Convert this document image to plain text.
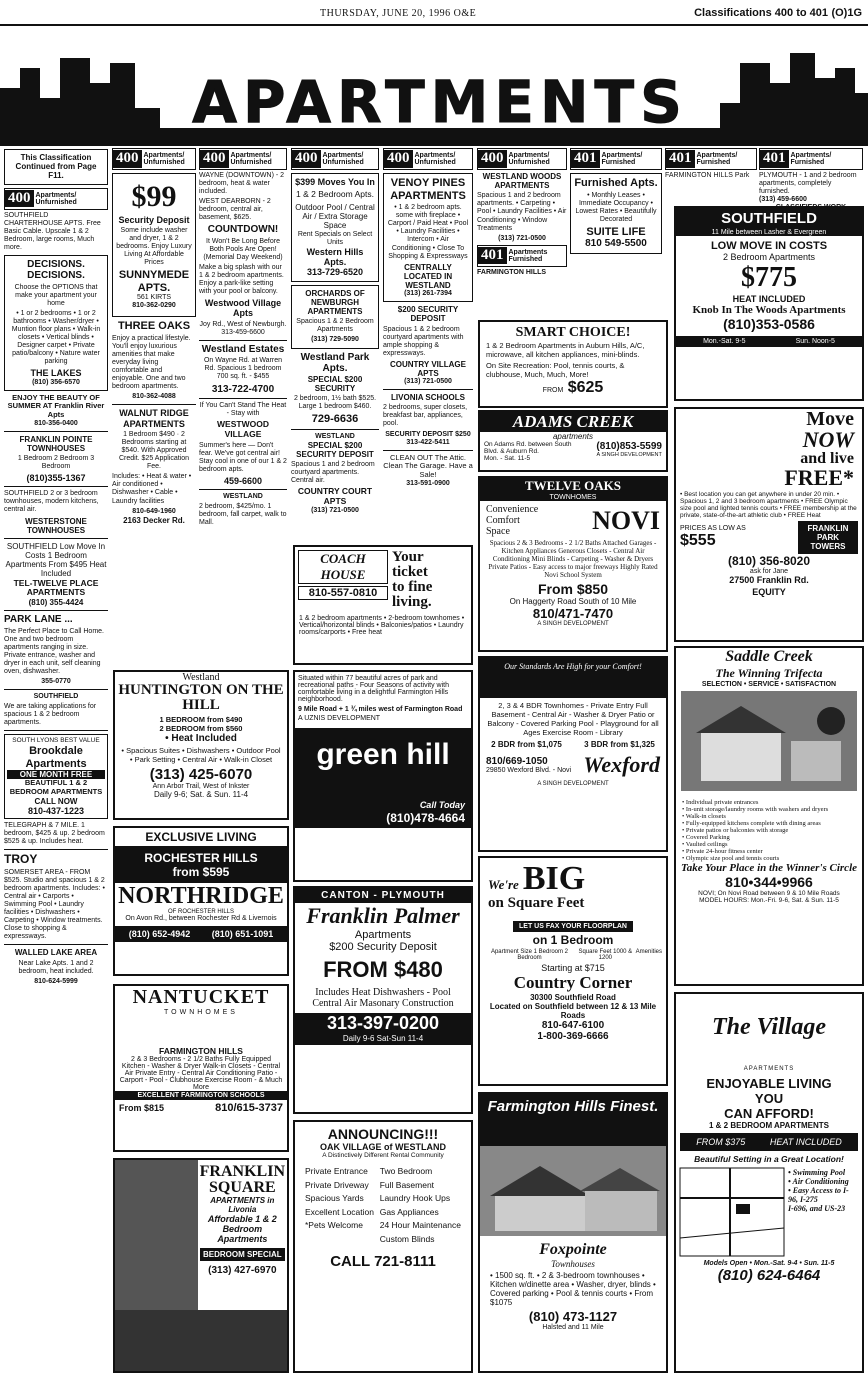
THURSDAY, JUNE 20, 1996 O&E	Classifications 400 to 401 (O)1G
APARTMENTS
This Classification Continued from Page F11.
400 Apartments/ Unfurnished

SOUTHFIELD CHARTERHOUSE APTS. Free Basic Cable. Upscale 1 & 2 Bedroom, large rooms, Much more.

DECISIONS. DECISIONS.

Choose the OPTIONS that make your apartment your home

• 1 or 2 bedrooms • 1 or 2 bathrooms • Washer/dryer • Muntion floor plans • Walk-in closets • Vertical blinds • Designer carpet • Private patio/balcony • Nature water parking

THE LAKES
(810) 356-6570
ENJOY THE BEAUTY OF SUMMER AT Franklin River Apts
810-356-0400
FRANKLIN POINTE TOWNHOUSES

1 Bedroom 2 Bedroom 3 Bedroom

(810)355-1367

SOUTHFIELD 2 or 3 bedroom townhouses, modern kitchens, central air.

WESTERSTONE TOWNHOUSES
SOUTHFIELD Low Move In Costs 1 Bedroom Apartments From $495 Heat Included
TEL-TWELVE PLACE APARTMENTS
(810) 355-4424
PARK LANE ...

The Perfect Place to Call Home. One and two bedroom apartments ranging in size. Private entrance, washer and dryer in each unit, self cleaning oven, dishwasher.

355-0770
SOUTHFIELD

We are taking applications for spacious 1 & 2 bedroom apartments.

SOUTH LYONS BEST VALUE
Brookdale Apartments
ONE MONTH FREE
BEAUTIFUL 1 & 2 BEDROOM APARTMENTS
CALL NOW
810-437-1223

TELEGRAPH & 7 MILE. 1 bedroom, $425 & up. 2 bedroom $525 & up. Includes heat.

TROY

SOMERSET AREA - FROM $525. Studio and spacious 1 & 2 bedroom apartments. Includes: • Central air • Carports • Swimming Pool • Laundry facilities • Dishwashers • Carpeting • Window treatments. Close to shopping & expressways.

WALLED LAKE AREA

Near Lake Apts. 1 and 2 bedroom, heat included.

810-624-5999
400 Apartments/ Unfurnished
$99
Security Deposit

Some include washer and dryer, 1 & 2 bedrooms. Enjoy Luxury Living At Affordable Prices

SUNNYMEDE APTS.
561 KIRTS
810-362-0290
THREE OAKS

Enjoy a practical lifestyle. You'll enjoy luxurious amenities that make everyday living comfortable and enjoyable. One and two bedroom apartments.

810-362-4088
WALNUT RIDGE APARTMENTS

1 Bedroom $490 · 2 Bedrooms starting at $540. With Approved Credit. $25 Application Fee.

Includes: • Heat & water • Air conditioned • Dishwasher • Cable • Laundry facilities

810-649-1960
2163 Decker Rd.
400 Apartments/ Unfurnished

WAYNE (DOWNTOWN) - 2 bedroom, heat & water included.

WEST DEARBORN - 2 bedroom, central air, basement, $625.

COUNTDOWN!

It Won't Be Long Before Both Pools Are Open! (Memorial Day Weekend)

Make a big splash with our 1 & 2 bedroom apartments. Enjoy a park-like setting with your pool or balcony.

Westwood Village Apts

Joy Rd., West of Newburgh. 313-459-6600

Westland Estates

On Wayne Rd. at Warren Rd. Spacious 1 bedroom 700 sq. ft. - $455

313-722-4700

If You Can't Stand The Heat - Stay with

WESTWOOD VILLAGE

Summer's here — Don't fear. We've got central air! Stay cool in one of our 1 & 2 bedroom apts.

459-6600
WESTLAND

2 bedroom, $425/mo. 1 bedroom, fall carpet, walk to Mall.

400 Apartments/ Unfurnished
$399 Moves You In
1 & 2 Bedroom Apts.
Outdoor Pool / Central Air / Extra Storage Space
Rent Specials on Select Units
Western Hills Apts.
313-729-6520
ORCHARDS OF NEWBURGH APARTMENTS

Spacious 1 & 2 Bedroom Apartments

(313) 729-5090
Westland Park Apts.
SPECIAL $200 SECURITY

2 bedroom, 1½ bath $525. Large 1 bedroom $460.

729-6636
WESTLAND
SPECIAL $200 SECURITY DEPOSIT

Spacious 1 and 2 bedroom courtyard apartments. Central air.

COUNTRY COURT APTS
(313) 721-0500
400 Apartments/ Unfurnished
VENOY PINES APARTMENTS

• 1 & 2 bedroom apts. some with fireplace • Carport / Paid Heat • Pool • Laundry Facilities • Intercom • Air Conditioning • Close To Shopping & Expressways

CENTRALLY LOCATED IN WESTLAND
(313) 261-7394
$200 SECURITY DEPOSIT

Spacious 1 & 2 bedroom courtyard apartments with ample shopping & expressways.

COUNTRY VILLAGE APTS
(313) 721-0500
LIVONIA SCHOOLS

2 bedrooms, super closets, breakfast bar, appliances, pool.

SECURITY DEPOSIT $250
313-422-5411
CLEAN OUT The Attic. Clean The Garage. Have a Sale!
313-591-0900
400 Apartments/ Unfurnished
WESTLAND WOODS APARTMENTS

Spacious 1 and 2 bedroom apartments. • Carpeting • Pool • Laundry Facilities • Air Conditioning • Window Treatments

(313) 721-0500
401 Apartments Furnished
FARMINGTON HILLS
401 Apartments/ Furnished
Furnished Apts.

• Monthly Leases • Immediate Occupancy • Lowest Rates • Beautifully Decorated

SUITE LIFE
810 549-5500
401 Apartments/ Furnished
FARMINGTON HILLS Park
401 Apartments/ Furnished
PLYMOUTH - 1 and 2 bedroom apartments, completely furnished.
(313) 459-6600
SOUTHFIELD
11 Mile between Lasher & Evergreen
LOW MOVE IN COSTS
2 Bedroom Apartments
$775
HEAT INCLUDED
Knob In The Woods Apartments
(810)353-0586
Mon.-Sat. 9-5	Sun. Noon-5
SMART CHOICE!
1 & 2 Bedroom Apartments in Auburn Hills, A/C, microwave, all kitchen appliances, mini-blinds.
On Site Recreation: Pool, tennis courts, & clubhouse, Much, Much, More!
FROM $625
ADAMS CREEK
apartments
On Adams Rd. between South Blvd. & Auburn Rd.
Mon. - Sat. 11-5
(810)853-5599
A SINGH DEVELOPMENT
Move
NOW
and live
FREE*

• Best location you can get anywhere in under 20 min. • Spacious 1, 2 and 3 bedroom apartments • FREE Olympic size pool and lighted tennis courts • FREE membership at the private, state-of-the-art athletic club • FREE Heat

PRICES AS LOW AS
$555
FRANKLIN PARK TOWERS
(810) 356-8020
ask for Jane
27500 Franklin Rd.
EQUITY
TWELVE OAKS
TOWNHOMES
Convenience
Comfort
Space	NOVI
Spacious 2 & 3 Bedrooms - 2 1/2 Baths Attached Garages - Kitchen Appliances Generous Closets - Central Air Conditioning Mini Blinds - Carpeting - Washer & Dryers Private Patios - Easy access to major freeways Highly Rated Novi School System
From $850
On Haggerty Road South of 10 Mile
810/471-7470
A SINGH DEVELOPMENT
COACH HOUSE
810-557-0810
Your
ticket
to fine
living.
1 & 2 bedroom apartments • 2-bedroom townhomes • Vertical/horizontal blinds • Balconies/patios • Laundry rooms/carports • Free heat
Our Standards Are High for your Comfort!
2, 3 & 4 BDR Townhomes - Private Entry Full Basement - Central Air - Washer & Dryer Patio or Balcony - Covered Parking Pool - Playground for all Ages Exercise Room - Library
2 BDR from $1,075	3 BDR from $1,325
810/669-1050
29850 Wexford Blvd. - Novi Wexford
A SINGH DEVELOPMENT
Saddle Creek
The Winning Trifecta
SELECTION • SERVICE • SATISFACTION

• Individual private entrances

• In-unit storage/laundry rooms with washers and dryers

• Walk-in closets

• Fully-equipped kitchens complete with dining areas

• Private patios or balconies with storage

• Covered Parking

• Vaulted ceilings

• Private 24-hour fitness center

• Olympic size pool and tennis courts

Take Your Place in the Winner's Circle
810•344•9966
NOVI; On Novi Road between 9 & 10 Mile Roads
MODEL HOURS: Mon.-Fri. 9-6, Sat. & Sun. 11-5
Westland
HUNTINGTON ON THE HILL
1 BEDROOM from $490
2 BEDROOM from $560
• Heat Included
• Spacious Suites • Dishwashers • Outdoor Pool • Park Setting • Central Air • Walk-in Closet
(313) 425-6070
Ann Arbor Trail, West of Inkster
Daily 9-6; Sat. & Sun. 11-4
Situated within 77 beautiful acres of park and recreational paths - Four Seasons of activity with comfortable living in a delightful Farmington Hills neighborhood.
9 Mile Road + 1 ¾ miles west of Farmington Road
A UZNIS DEVELOPMENT
green hill
Call Today
(810)478-4664
We're BIG
on Square Feet
LET US FAX YOUR FLOORPLAN
on 1 Bedroom
Apartment Size 1 Bedroom 2 Bedroom
Square Feet 1000 & 1200
Amenities
Starting at $715
Country Corner
30300 Southfield Road
Located on Southfield between 12 & 13 Mile Roads
810-647-6100
1-800-369-6666
EXCLUSIVE LIVING
ROCHESTER HILLS
from $595
NORTHRIDGE
OF ROCHESTER HILLS

On Avon Rd., between Rochester Rd & Livernois

(810) 652-4942 (810) 651-1091
CANTON - PLYMOUTH
Franklin Palmer
Apartments
$200 Security Deposit
FROM $480
Includes Heat Dishwashers - Pool Central Air Masonary Construction
313-397-0200
Daily 9-6 Sat-Sun 11-4
NANTUCKET
TOWNHOMES
FARMINGTON HILLS
2 & 3 Bedrooms - 2 1/2 Baths Fully Equipped Kitchen - Washer & Dryer Walk-in Closets - Central Air Private Entry - Central Air Conditioning Patio - Carport - Pool - Clubhouse Exercise Room - & Much More
EXCELLENT FARMINGTON SCHOOLS
From $815	810/615-3737
FRANKLIN SQUARE
APARTMENTS in Livonia
Affordable 1 & 2 Bedroom Apartments
BEDROOM SPECIAL
(313) 427-6970
ANNOUNCING!!!
OAK VILLAGE of WESTLAND
A Distinctively Different Rental Community
Private Entrance
Private Driveway
Spacious Yards
Excellent Location
*Pets Welcome
Two Bedroom
Full Basement
Laundry Hook Ups
Gas Appliances
24 Hour Maintenance
Custom Blinds
CALL 721-8111
Farmington Hills Finest.
Foxpointe
Townhouses
• 1500 sq. ft. • 2 & 3-bedroom townhouses • Kitchen w/dinette area • Washer, dryer, blinds • Covered parking • Pool & tennis courts • From $1075
(810) 473-1127
Halsted and 11 Mile
The Village
APARTMENTS
ENJOYABLE LIVING
YOU
CAN AFFORD!
1 & 2 BEDROOM APARTMENTS
FROM $375	HEAT INCLUDED
Beautiful Setting in a Great Location!
• Swimming Pool
• Air Conditioning
• Easy Access to I-96, I-275
I-696, and US-23
Models Open • Mon.-Sat. 9-4 • Sun. 11-5
(810) 624-6464
